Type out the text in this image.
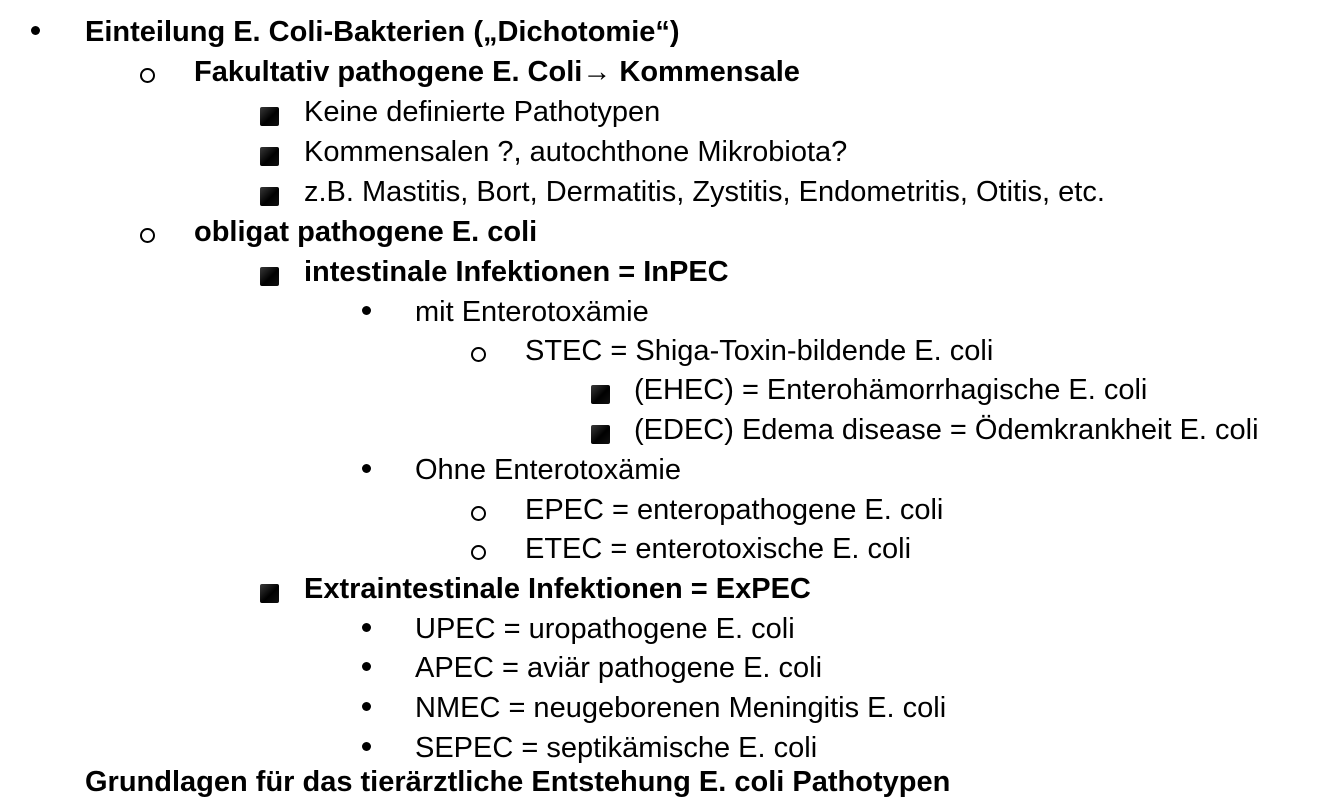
Einteilung E. Coli-Bakterien („Dichotomie“)
Fakultativ pathogene E. Coli→ Kommensale
Keine definierte Pathotypen
Kommensalen ?, autochthone Mikrobiota?
z.B. Mastitis, Bort, Dermatitis, Zystitis, Endometritis, Otitis, etc.
obligat pathogene E. coli
intestinale Infektionen = InPEC
mit Enterotoxämie
STEC = Shiga-Toxin-bildende E. coli
(EHEC) = Enterohämorrhagische E. coli
(EDEC) Edema disease = Ödemkrankheit E. coli
Ohne Enterotoxämie
EPEC = enteropathogene E. coli
ETEC = enterotoxische E. coli
Extraintestinale Infektionen = ExPEC
UPEC = uropathogene E. coli
APEC = aviär pathogene E. coli
NMEC = neugeborenen Meningitis E. coli
SEPEC = septikämische E. coli
Grundlagen für das tierärztliche Entstehung E. coli Pathotypen
